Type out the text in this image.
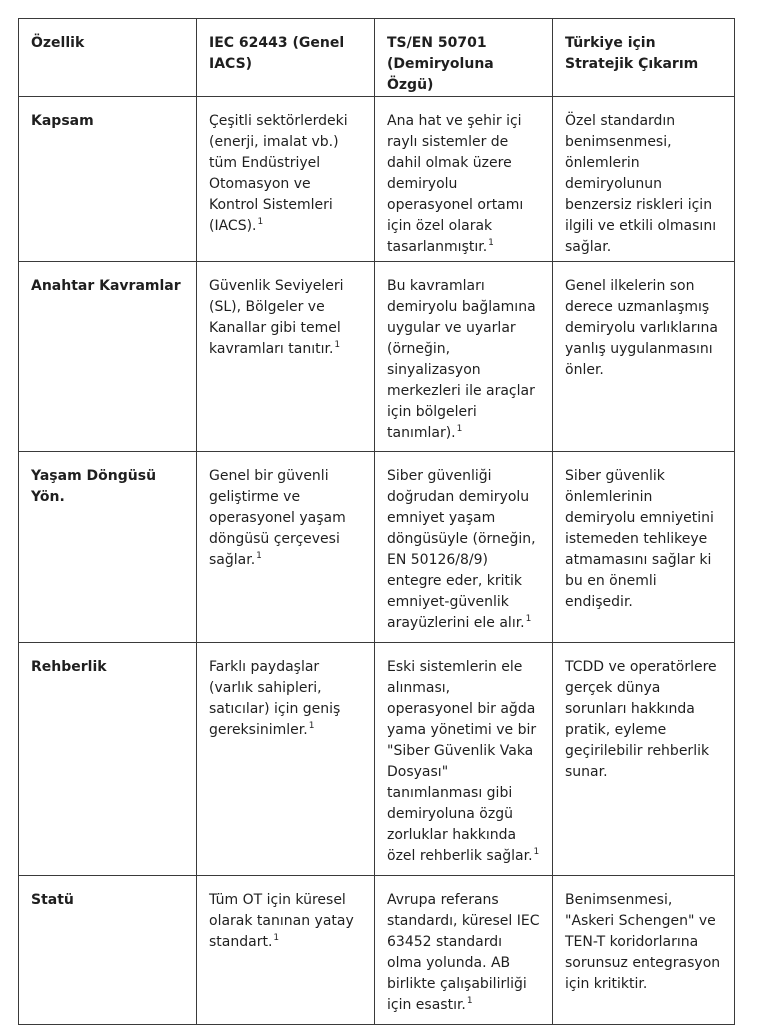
Özellik	IEC 62443 (Genel IACS)	TS/EN 50701 (Demiryoluna Özgü)	Türkiye için Stratejik Çıkarım
Kapsam	Çeşitli sektörlerdeki (enerji, imalat vb.) tüm Endüstriyel Otomasyon ve Kontrol Sistemleri (IACS).$^1$	Ana hat ve şehir içi raylı sistemler de dahil olmak üzere demiryolu operasyonel ortamı için özel olarak tasarlanmıştır.$^1$	Özel standardın benimsenmesi, önlemlerin demiryolunun benzersiz riskleri için ilgili ve etkili olmasını sağlar.
Anahtar Kavramlar	Güvenlik Seviyeleri (SL), Bölgeler ve Kanallar gibi temel kavramları tanıtır.$^1$	Bu kavramları demiryolu bağlamına uygular ve uyarlar (örneğin, sinyalizasyon merkezleri ile araçlar için bölgeleri tanımlar).$^1$	Genel ilkelerin son derece uzmanlaşmış demiryolu varlıklarına yanlış uygulanmasını önler.
Yaşam Döngüsü Yön.	Genel bir güvenli geliştirme ve operasyonel yaşam döngüsü çerçevesi sağlar.$^1$	Siber güvenliği doğrudan demiryolu emniyet yaşam döngüsüyle (örneğin, EN 50126/8/9) entegre eder, kritik emniyet-güvenlik arayüzlerini ele alır.$^1$	Siber güvenlik önlemlerinin demiryolu emniyetini istemeden tehlikeye atmamasını sağlar ki bu en önemli endişedir.
Rehberlik	Farklı paydaşlar (varlık sahipleri, satıcılar) için geniş gereksinimler.$^1$	Eski sistemlerin ele alınması, operasyonel bir ağda yama yönetimi ve bir "Siber Güvenlik Vaka Dosyası" tanımlanması gibi demiryoluna özgü zorluklar hakkında özel rehberlik sağlar.$^1$	TCDD ve operatörlere gerçek dünya sorunları hakkında pratik, eyleme geçirilebilir rehberlik sunar.
Statü	Tüm OT için küresel olarak tanınan yatay standart.$^1$	Avrupa referans standardı, küresel IEC 63452 standardı olma yolunda. AB birlikte çalışabilirliği için esastır.$^1$	Benimsenmesi, "Askeri Schengen" ve TEN-T koridorlarına sorunsuz entegrasyon için kritiktir.
